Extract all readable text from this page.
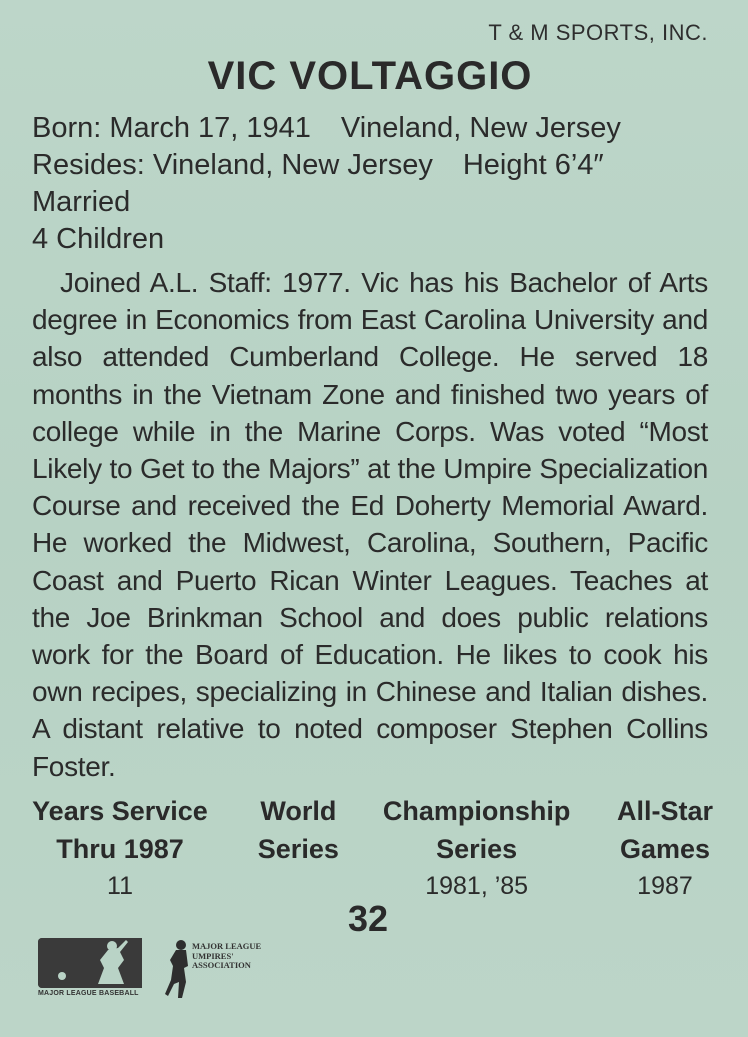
T & M SPORTS, INC.
VIC VOLTAGGIO
Born: March 17, 1941 Vineland, New Jersey
Resides: Vineland, New Jersey Height 6’4″
Married
4 Children
Joined A.L. Staff: 1977. Vic has his Bachelor of Arts degree in Economics from East Carolina University and also attended Cumberland College. He served 18 months in the Vietnam Zone and finished two years of college while in the Marine Corps. Was voted “Most Likely to Get to the Majors” at the Umpire Specialization Course and received the Ed Doherty Memorial Award. He worked the Midwest, Carolina, Southern, Pacific Coast and Puerto Rican Winter Leagues. Teaches at the Joe Brinkman School and does public relations work for the Board of Education. He likes to cook his own recipes, specializing in Chinese and Italian dishes. A distant relative to noted composer Stephen Collins Foster.
Years Service
Thru 1987
11
World
Series
Championship
Series
1981, ’85
All-Star
Games
1987
32
MAJOR LEAGUE BASEBALL
MAJOR LEAGUE
UMPIRES'
ASSOCIATION
